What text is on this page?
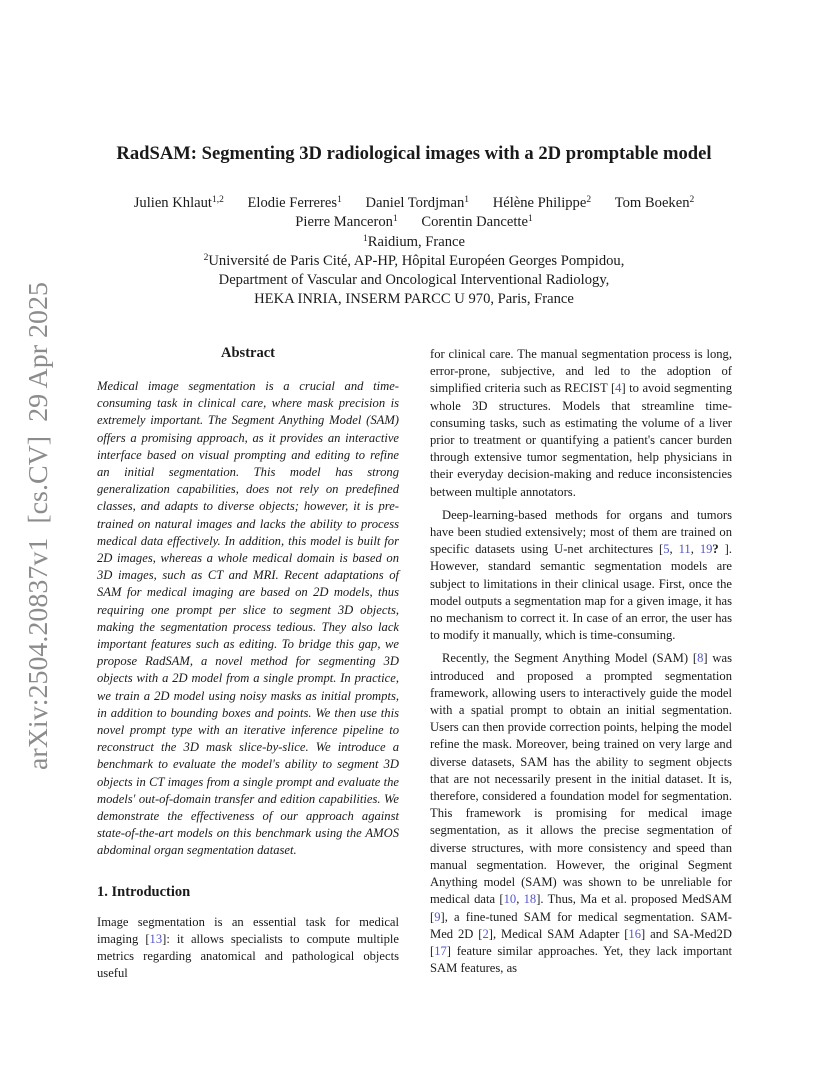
arXiv:2504.20837v1  [cs.CV]  29 Apr 2025
RadSAM: Segmenting 3D radiological images with a 2D promptable model
Julien Khlaut$^{1,2}$ Elodie Ferreres$^1$ Daniel Tordjman$^1$ Hélène Philippe$^2$ Tom Boeken$^2$
Pierre Manceron$^1$ Corentin Dancette$^1$
$^1$Raidium, France
$^2$Université de Paris Cité, AP-HP, Hôpital Européen Georges Pompidou,
Department of Vascular and Oncological Interventional Radiology,
HEKA INRIA, INSERM PARCC U 970, Paris, France
Abstract

Medical image segmentation is a crucial and time-consuming task in clinical care, where mask precision is extremely important. The Segment Anything Model (SAM) offers a promising approach, as it provides an interactive interface based on visual prompting and editing to refine an initial segmentation. This model has strong generalization capabilities, does not rely on predefined classes, and adapts to diverse objects; however, it is pre-trained on natural images and lacks the ability to process medical data effectively. In addition, this model is built for 2D images, whereas a whole medical domain is based on 3D images, such as CT and MRI. Recent adaptations of SAM for medical imaging are based on 2D models, thus requiring one prompt per slice to segment 3D objects, making the segmentation process tedious. They also lack important features such as editing. To bridge this gap, we propose RadSAM, a novel method for segmenting 3D objects with a 2D model from a single prompt. In practice, we train a 2D model using noisy masks as initial prompts, in addition to bounding boxes and points. We then use this novel prompt type with an iterative inference pipeline to reconstruct the 3D mask slice-by-slice. We introduce a benchmark to evaluate the model's ability to segment 3D objects in CT images from a single prompt and evaluate the models' out-of-domain transfer and edition capabilities. We demonstrate the effectiveness of our approach against state-of-the-art models on this benchmark using the AMOS abdominal organ segmentation dataset.

1. Introduction

Image segmentation is an essential task for medical imaging [13]: it allows specialists to compute multiple metrics regarding anatomical and pathological objects useful

for clinical care. The manual segmentation process is long, error-prone, subjective, and led to the adoption of simplified criteria such as RECIST [4] to avoid segmenting whole 3D structures. Models that streamline time-consuming tasks, such as estimating the volume of a liver prior to treatment or quantifying a patient's cancer burden through extensive tumor segmentation, help physicians in their everyday decision-making and reduce inconsistencies between multiple annotators.

Deep-learning-based methods for organs and tumors have been studied extensively; most of them are trained on specific datasets using U-net architectures [5, 11, 19? ]. However, standard semantic segmentation models are subject to limitations in their clinical usage. First, once the model outputs a segmentation map for a given image, it has no mechanism to correct it. In case of an error, the user has to modify it manually, which is time-consuming.

Recently, the Segment Anything Model (SAM) [8] was introduced and proposed a prompted segmentation framework, allowing users to interactively guide the model with a spatial prompt to obtain an initial segmentation. Users can then provide correction points, helping the model refine the mask. Moreover, being trained on very large and diverse datasets, SAM has the ability to segment objects that are not necessarily present in the initial dataset. It is, therefore, considered a foundation model for segmentation. This framework is promising for medical image segmentation, as it allows the precise segmentation of diverse structures, with more consistency and speed than manual segmentation. However, the original Segment Anything model (SAM) was shown to be unreliable for medical data [10, 18]. Thus, Ma et al. proposed MedSAM [9], a fine-tuned SAM for medical segmentation. SAM-Med 2D [2], Medical SAM Adapter [16] and SA-Med2D [17] feature similar approaches. Yet, they lack important SAM features, as
